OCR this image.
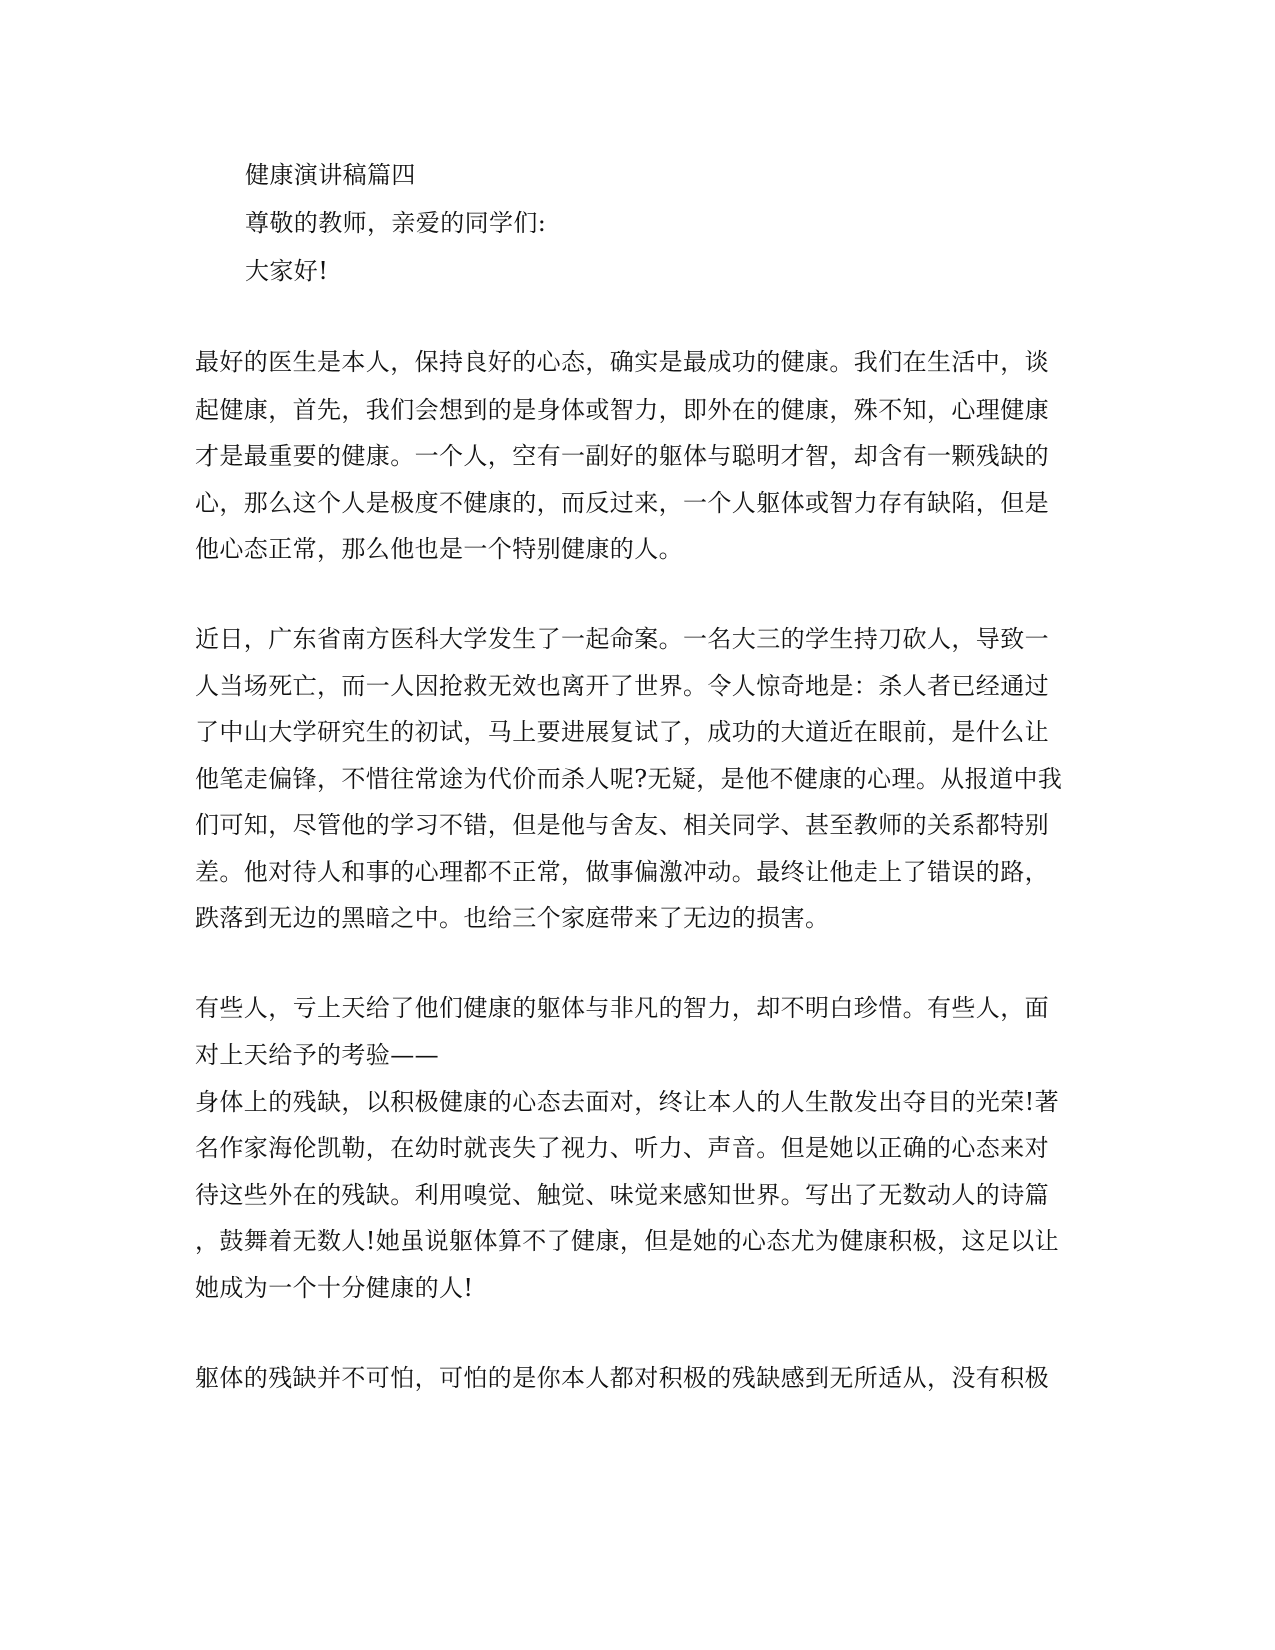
健康演讲稿篇四
尊敬的教师，亲爱的同学们:
大家好!
最好的医生是本人，保持良好的心态，确实是最成功的健康。我们在生活中，谈
起健康，首先，我们会想到的是身体或智力，即外在的健康，殊不知，心理健康
才是最重要的健康。一个人，空有一副好的躯体与聪明才智，却含有一颗残缺的
心，那么这个人是极度不健康的，而反过来，一个人躯体或智力存有缺陷，但是
他心态正常，那么他也是一个特别健康的人。
近日，广东省南方医科大学发生了一起命案。一名大三的学生持刀砍人，导致一
人当场死亡，而一人因抢救无效也离开了世界。令人惊奇地是：杀人者已经通过
了中山大学研究生的初试，马上要进展复试了，成功的大道近在眼前，是什么让
他笔走偏锋，不惜往常途为代价而杀人呢?无疑，是他不健康的心理。从报道中我
们可知，尽管他的学习不错，但是他与舍友、相关同学、甚至教师的关系都特别
差。他对待人和事的心理都不正常，做事偏激冲动。最终让他走上了错误的路，
跌落到无边的黑暗之中。也给三个家庭带来了无边的损害。
有些人，亏上天给了他们健康的躯体与非凡的智力，却不明白珍惜。有些人，面
对上天给予的考验——
身体上的残缺，以积极健康的心态去面对，终让本人的人生散发出夺目的光荣!著
名作家海伦凯勒，在幼时就丧失了视力、听力、声音。但是她以正确的心态来对
待这些外在的残缺。利用嗅觉、触觉、味觉来感知世界。写出了无数动人的诗篇
，鼓舞着无数人!她虽说躯体算不了健康，但是她的心态尤为健康积极，这足以让
她成为一个十分健康的人!
躯体的残缺并不可怕，可怕的是你本人都对积极的残缺感到无所适从，没有积极
